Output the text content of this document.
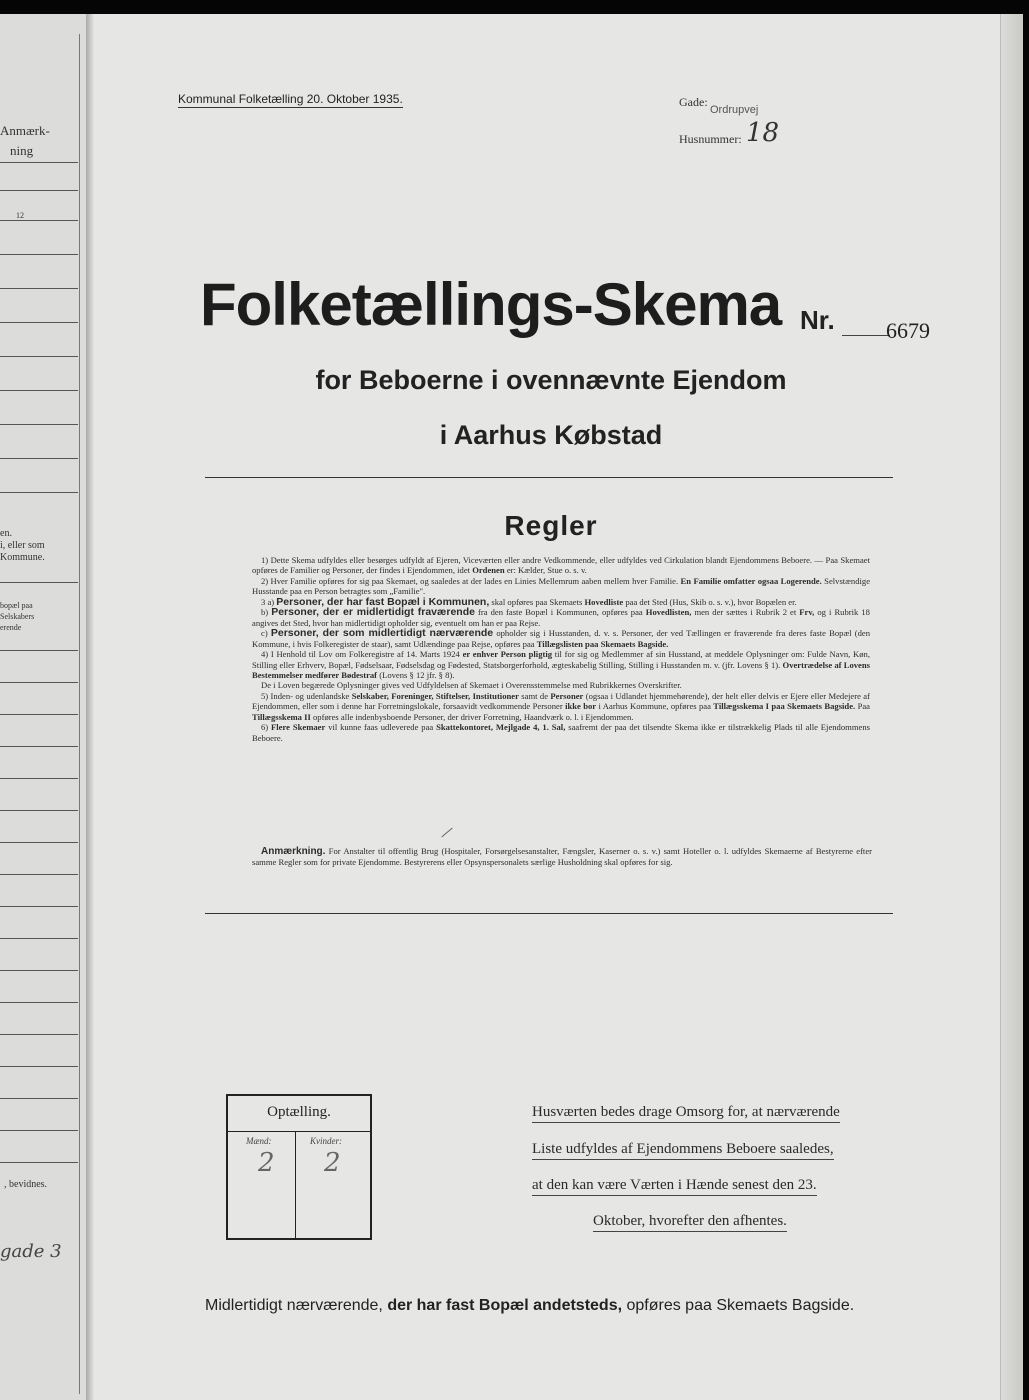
Anmærk-
ning
12
en.
i, eller som
Kommune.
bopæl paa
Selskabers
erende
, bevidnes.
gade 3
Kommunal Folketælling 20. Oktober 1935.	Gade:
Ordrupvej
Husnummer: 18
Folketællings-Skema Nr. 6679
for Beboerne i ovennævnte Ejendom
i Aarhus Købstad
Regler

1) Dette Skema udfyldes eller besørges udfyldt af Ejeren, Viceværten eller andre Vedkommende, eller udfyldes ved Cirkulation blandt Ejendommens Beboere. — Paa Skemaet opføres de Familier og Personer, der findes i Ejendommen, idet Ordenen er: Kælder, Stue o. s. v.

2) Hver Familie opføres for sig paa Skemaet, og saaledes at der lades en Linies Mellemrum aaben mellem hver Familie. En Familie omfatter ogsaa Logerende. Selvstændige Husstande paa en Person betragtes som „Familie".

3 a) Personer, der har fast Bopæl i Kommunen, skal opføres paa Skemaets Hovedliste paa det Sted (Hus, Skib o. s. v.), hvor Bopælen er.

b) Personer, der er midlertidigt fraværende fra den faste Bopæl i Kommunen, opføres paa Hovedlisten, men der sættes i Rubrik 2 et Frv, og i Rubrik 18 angives det Sted, hvor han midlertidigt opholder sig, eventuelt om han er paa Rejse.

c) Personer, der som midlertidigt nærværende opholder sig i Husstanden, d. v. s. Personer, der ved Tællingen er fraværende fra deres faste Bopæl (den Kommune, i hvis Folkeregister de staar), samt Udlændinge paa Rejse, opføres paa Tillægslisten paa Skemaets Bagside.

4) I Henhold til Lov om Folkeregistre af 14. Marts 1924 er enhver Person pligtig til for sig og Medlemmer af sin Husstand, at meddele Oplysninger om: Fulde Navn, Køn, Stilling eller Erhverv, Bopæl, Fødselsaar, Fødselsdag og Fødested, Statsborgerforhold, ægteskabelig Stilling, Stilling i Husstanden m. v. (jfr. Lovens § 1). Overtrædelse af Lovens Bestemmelser medfører Bødestraf (Lovens § 12 jfr. § 8).

De i Loven begærede Oplysninger gives ved Udfyldelsen af Skemaet i Overensstemmelse med Rubrikkernes Overskrifter.

5) Inden- og udenlandske Selskaber, Foreninger, Stiftelser, Institutioner samt de Personer (ogsaa i Udlandet hjemmehørende), der helt eller delvis er Ejere eller Medejere af Ejendommen, eller som i denne har Forretningslokale, forsaavidt vedkommende Personer ikke bor i Aarhus Kommune, opføres paa Tillægsskema I paa Skemaets Bagside. Paa Tillægsskema II opføres alle indenbysboende Personer, der driver Forretning, Haandværk o. l. i Ejendommen.

6) Flere Skemaer vil kunne faas udleverede paa Skattekontoret, Mejlgade 4, 1. Sal, saafremt der paa det tilsendte Skema ikke er tilstrækkelig Plads til alle Ejendommens Beboere.

Anmærkning. For Anstalter til offentlig Brug (Hospitaler, Forsørgelsesanstalter, Fængsler, Kaserner o. s. v.) samt Hoteller o. l. udfyldes Skemaerne af Bestyrerne efter samme Regler som for private Ejendomme. Bestyrerens eller Opsynspersonalets særlige Husholdning skal opføres for sig.
Optælling.
Mænd:	Kvinder:
2 2
Husværten bedes drage Omsorg for, at nærværende
Liste udfyldes af Ejendommens Beboere saaledes,
at den kan være Værten i Hænde senest den 23.
Oktober, hvorefter den afhentes.
Midlertidigt nærværende, der har fast Bopæl andetsteds, opføres paa Skemaets Bagside.
